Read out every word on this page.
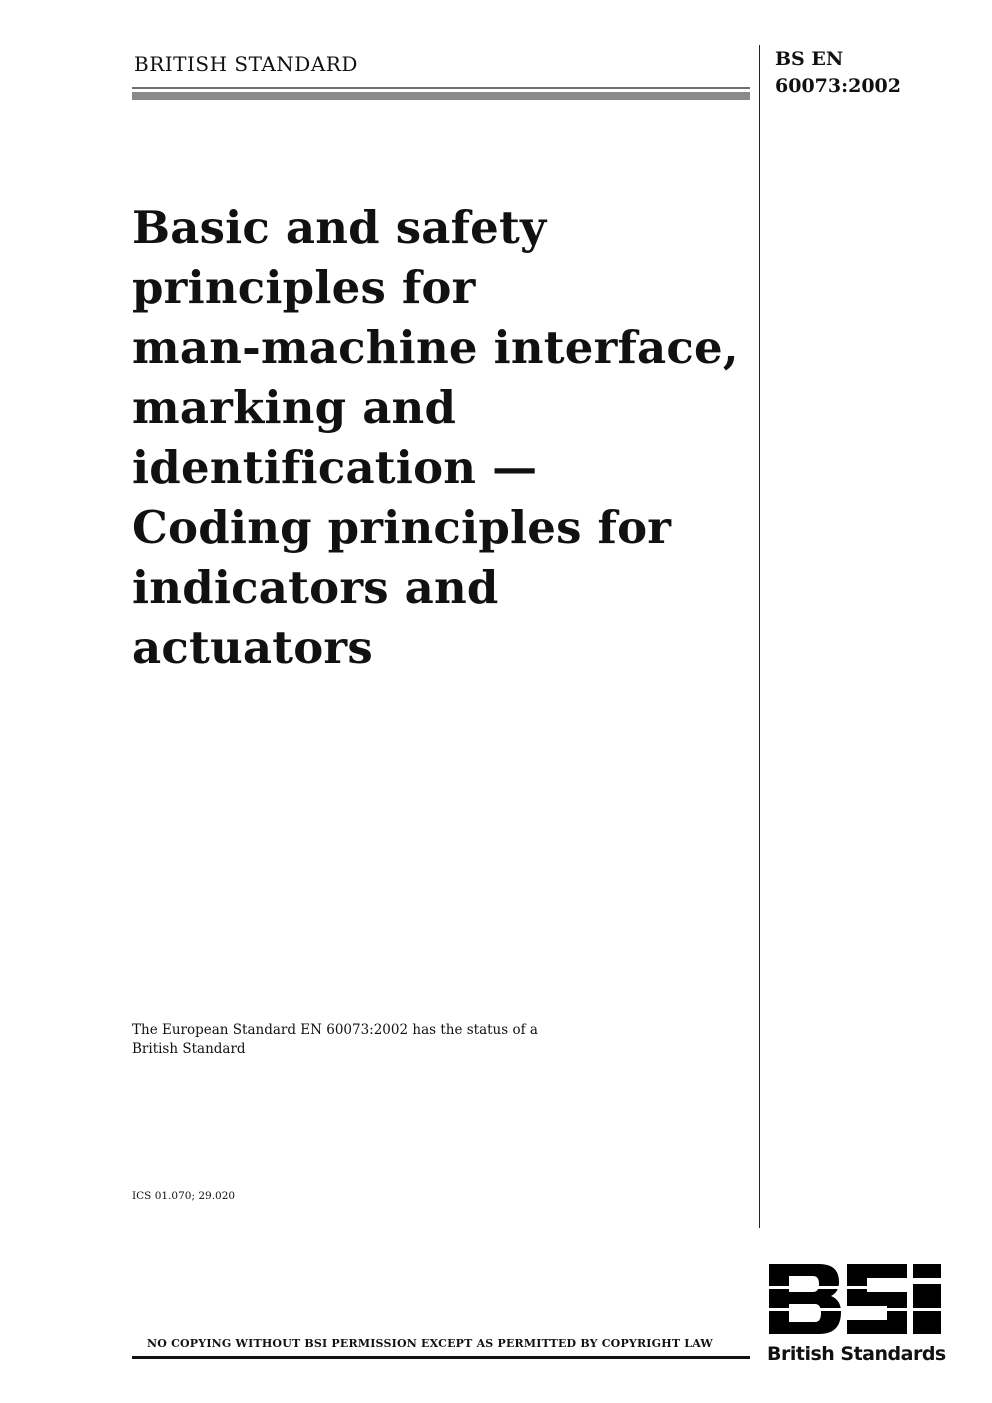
BRITISH STANDARD	BS EN
60073:2002
Basic and safety
principles for
man-machine interface,
marking and
identification —
Coding principles for
indicators and
actuators
The European Standard EN 60073:2002 has the status of a
British Standard
ICS 01.070; 29.020
NO COPYING WITHOUT BSI PERMISSION EXCEPT AS PERMITTED BY COPYRIGHT LAW	British Standards
